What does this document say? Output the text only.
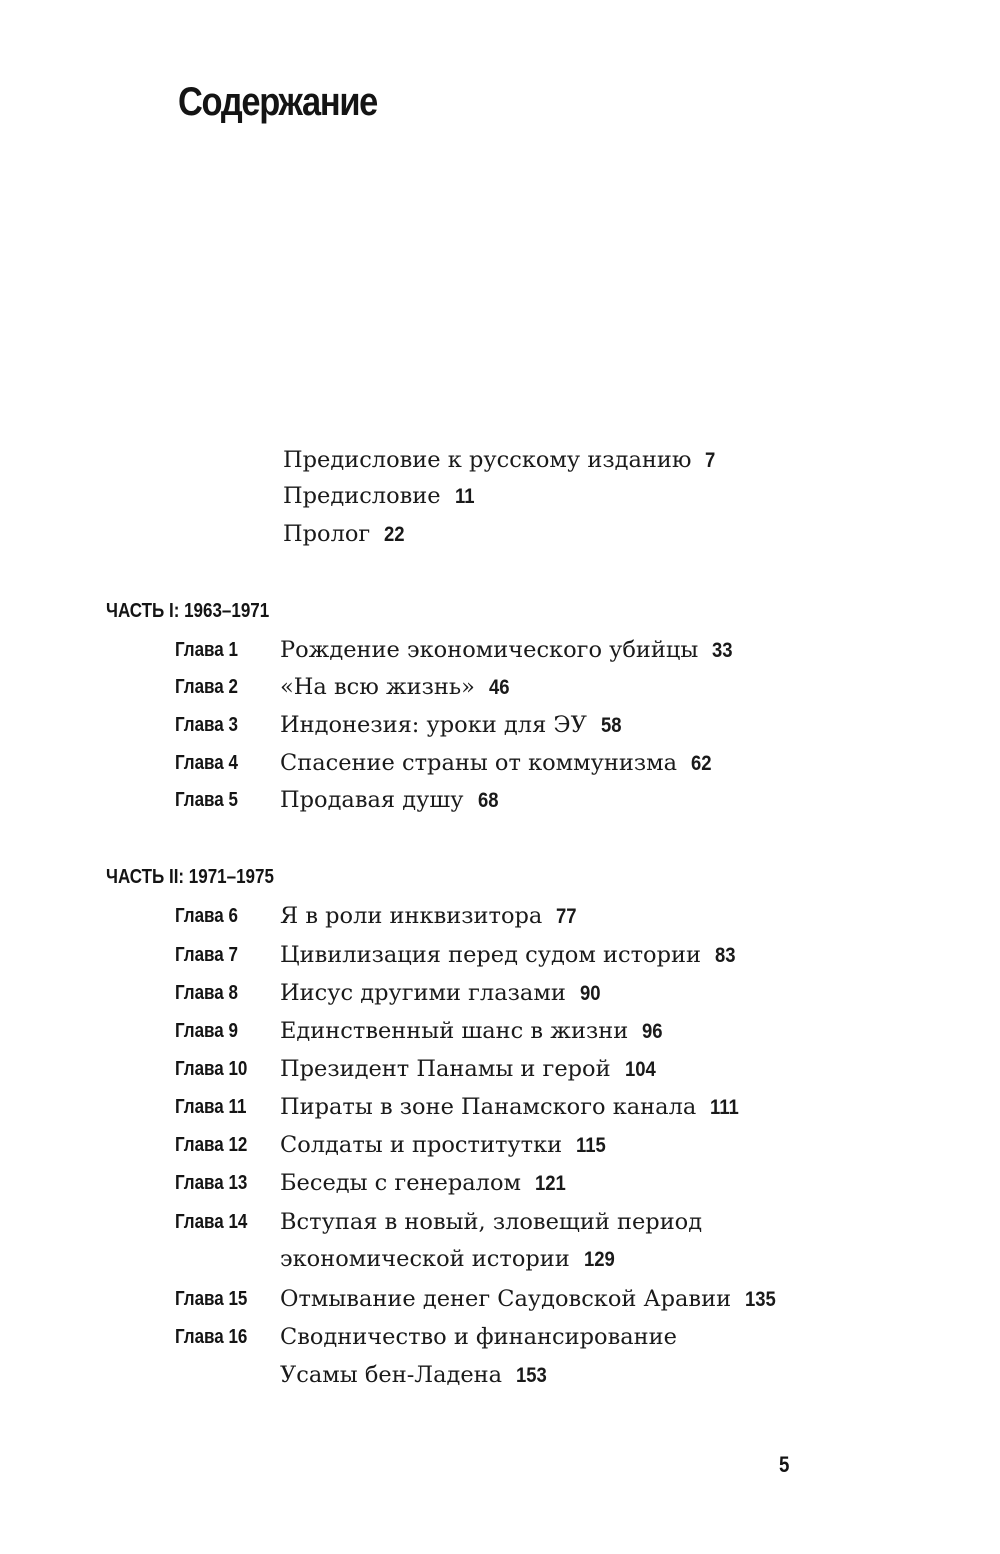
Содержание
Предисловие к русскому изданию 7
Предисловие 11
Пролог 22
ЧАСТЬ I: 1963–1971
Глава 1 Рождение экономического убийцы 33
Глава 2 «На всю жизнь» 46
Глава 3 Индонезия: уроки для ЭУ 58
Глава 4 Спасение страны от коммунизма 62
Глава 5 Продавая душу 68
ЧАСТЬ II: 1971–1975
Глава 6 Я в роли инквизитора 77
Глава 7 Цивилизация перед судом истории 83
Глава 8 Иисус другими глазами 90
Глава 9 Единственный шанс в жизни 96
Глава 10 Президент Панамы и герой 104
Глава 11 Пираты в зоне Панамского канала 111
Глава 12 Солдаты и проститутки 115
Глава 13 Беседы с генералом 121
Глава 14 Вступая в новый, зловещий период
экономической истории 129
Глава 15 Отмывание денег Саудовской Аравии 135
Глава 16 Сводничество и финансирование
Усамы бен-Ладена 153
5
